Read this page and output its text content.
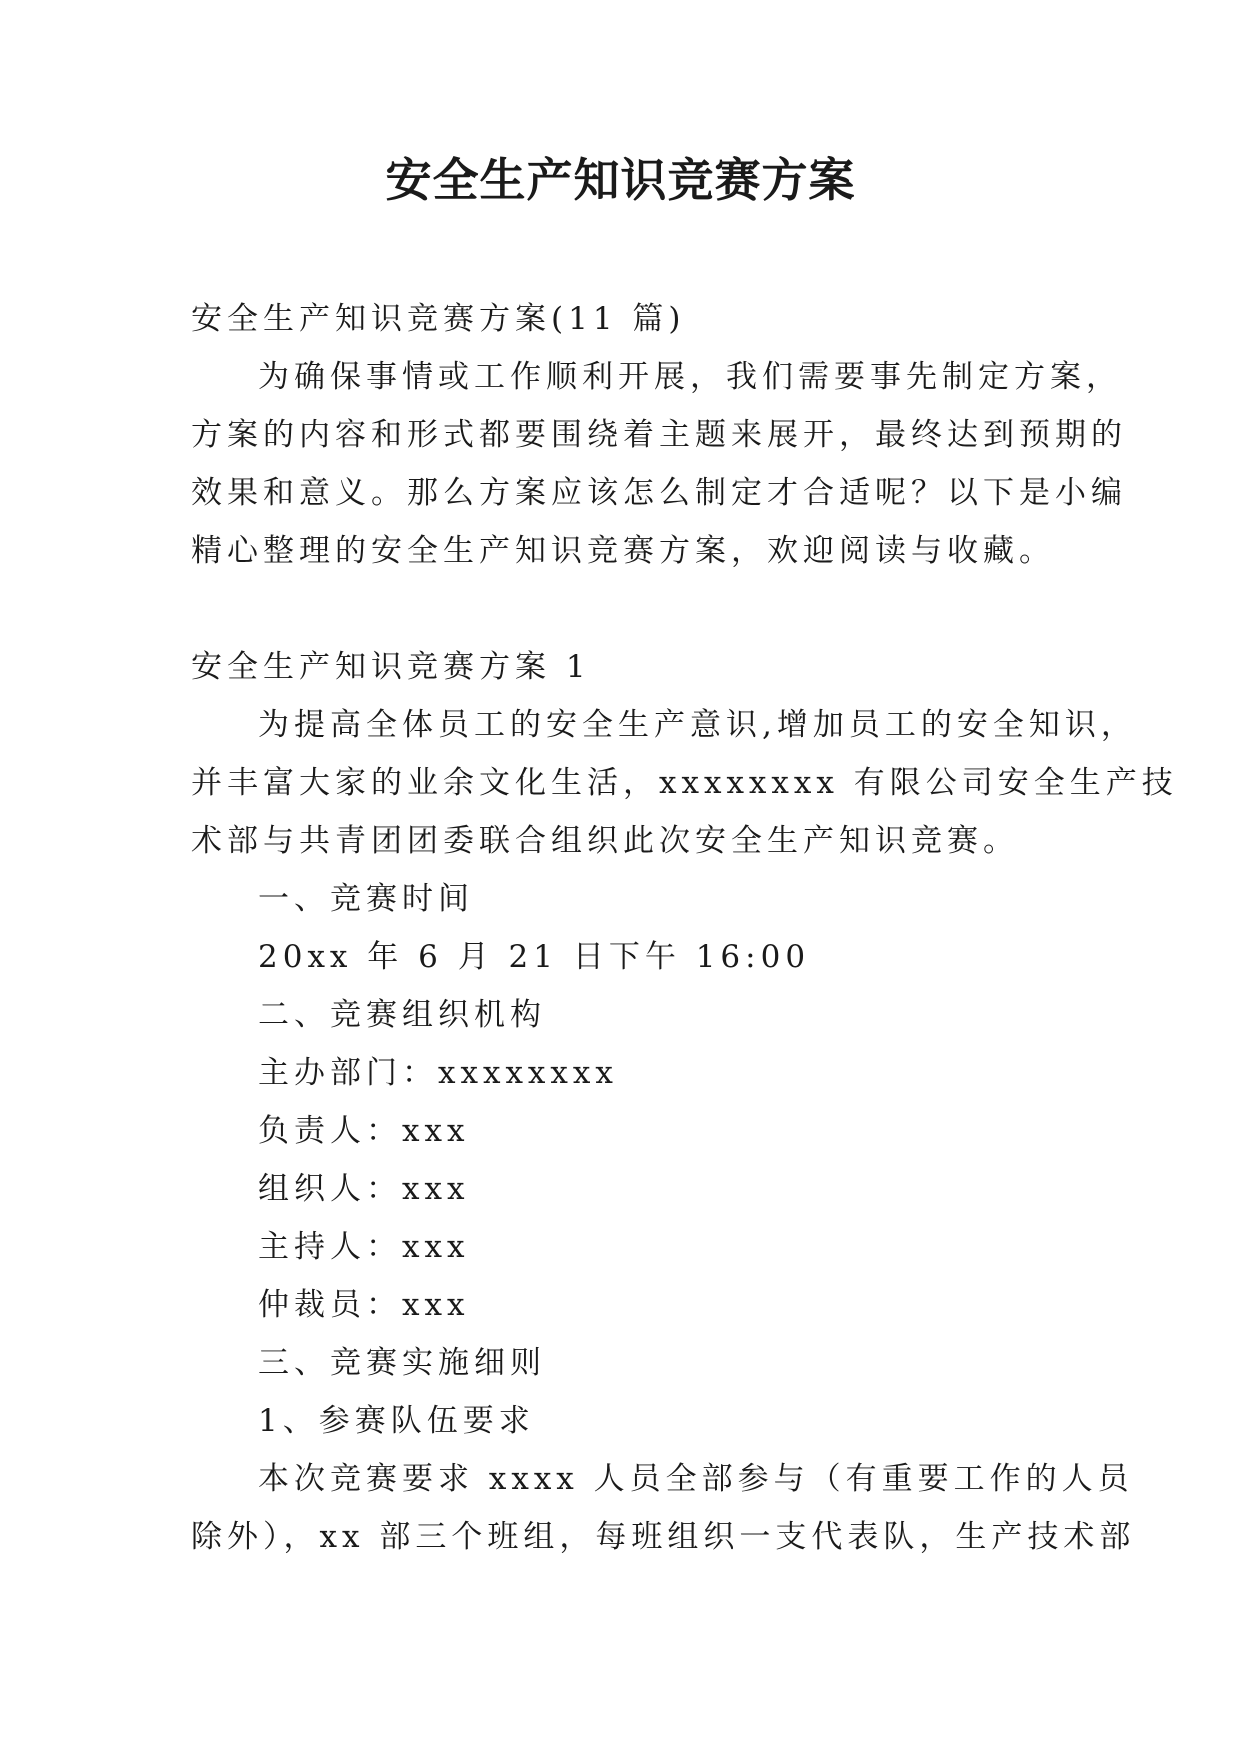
安全生产知识竞赛方案
安全生产知识竞赛方案(11 篇)
为确保事情或工作顺利开展，我们需要事先制定方案，
方案的内容和形式都要围绕着主题来展开，最终达到预期的
效果和意义。那么方案应该怎么制定才合适呢？以下是小编
精心整理的安全生产知识竞赛方案，欢迎阅读与收藏。
安全生产知识竞赛方案 1
为提高全体员工的安全生产意识,增加员工的安全知识，
并丰富大家的业余文化生活，xxxxxxxx 有限公司安全生产技
术部与共青团团委联合组织此次安全生产知识竞赛。
一、竞赛时间
20xx 年 6 月 21 日下午 16:00
二、竞赛组织机构
主办部门：xxxxxxxx
负责人：xxx
组织人：xxx
主持人：xxx
仲裁员：xxx
三、竞赛实施细则
1、参赛队伍要求
本次竞赛要求 xxxx 人员全部参与（有重要工作的人员
除外），xx 部三个班组，每班组织一支代表队，生产技术部
